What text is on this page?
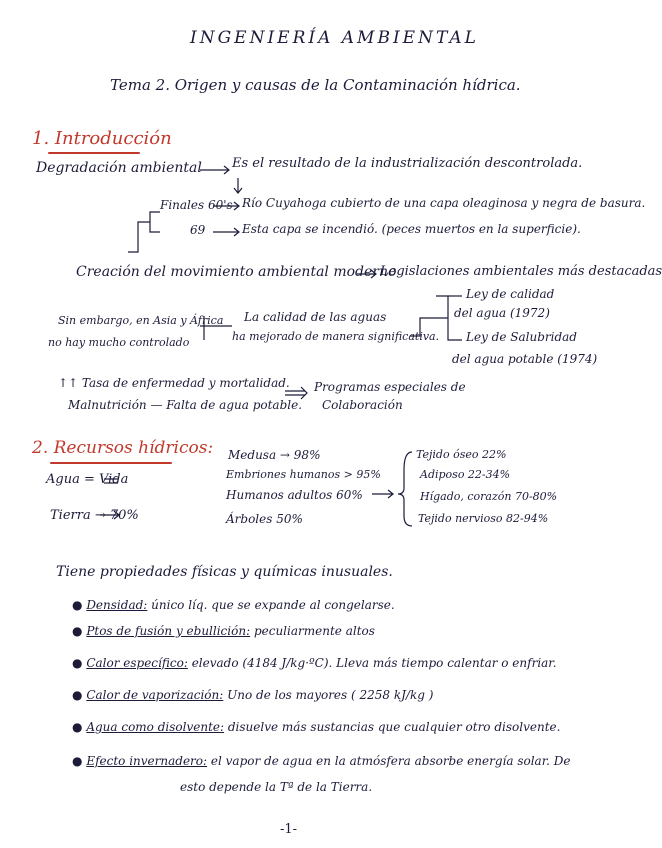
INGENIERÍA AMBIENTAL
Tema 2. Origen y causas de la Contaminación hídrica.
1. Introducción
Degradación ambiental Es el resultado de la industrialización descontrolada.
Finales 60's Río Cuyahoga cubierto de una capa oleaginosa y negra de basura.
69	Esta capa se incendió. (peces muertos en la superficie).
Creación del movimiento ambiental moderno
Legislaciones ambientales más destacadas
Ley de calidad
del agua (1972)
Ley de Salubridad
del agua potable (1974)
Sin embargo, en Asia y África
no hay mucho controlado
La calidad de las aguas
ha mejorado de manera significativa.
↑↑ Tasa de enfermedad y mortalidad.
Malnutrición — Falta de agua potable.
Programas especiales de
Colaboración
2. Recursos hídricos:
Agua = Vida
Tierra → 70%
Medusa → 98%
Embriones humanos > 95%
Humanos adultos 60%
Árboles 50%
Tejido óseo 22%
Adiposo 22-34%
Hígado, corazón 70-80%
Tejido nervioso 82-94%
Tiene propiedades físicas y químicas inusuales.
● Densidad: único líq. que se expande al congelarse.
● Ptos de fusión y ebullición: peculiarmente altos
● Calor específico: elevado (4184 J/kg·ºC). Lleva más tiempo calentar o enfriar.
● Calor de vaporización: Uno de los mayores ( 2258 kJ/kg )
● Agua como disolvente: disuelve más sustancias que cualquier otro disolvente.
● Efecto invernadero: el vapor de agua en la atmósfera absorbe energía solar. De
esto depende la Tª de la Tierra.
-1-
